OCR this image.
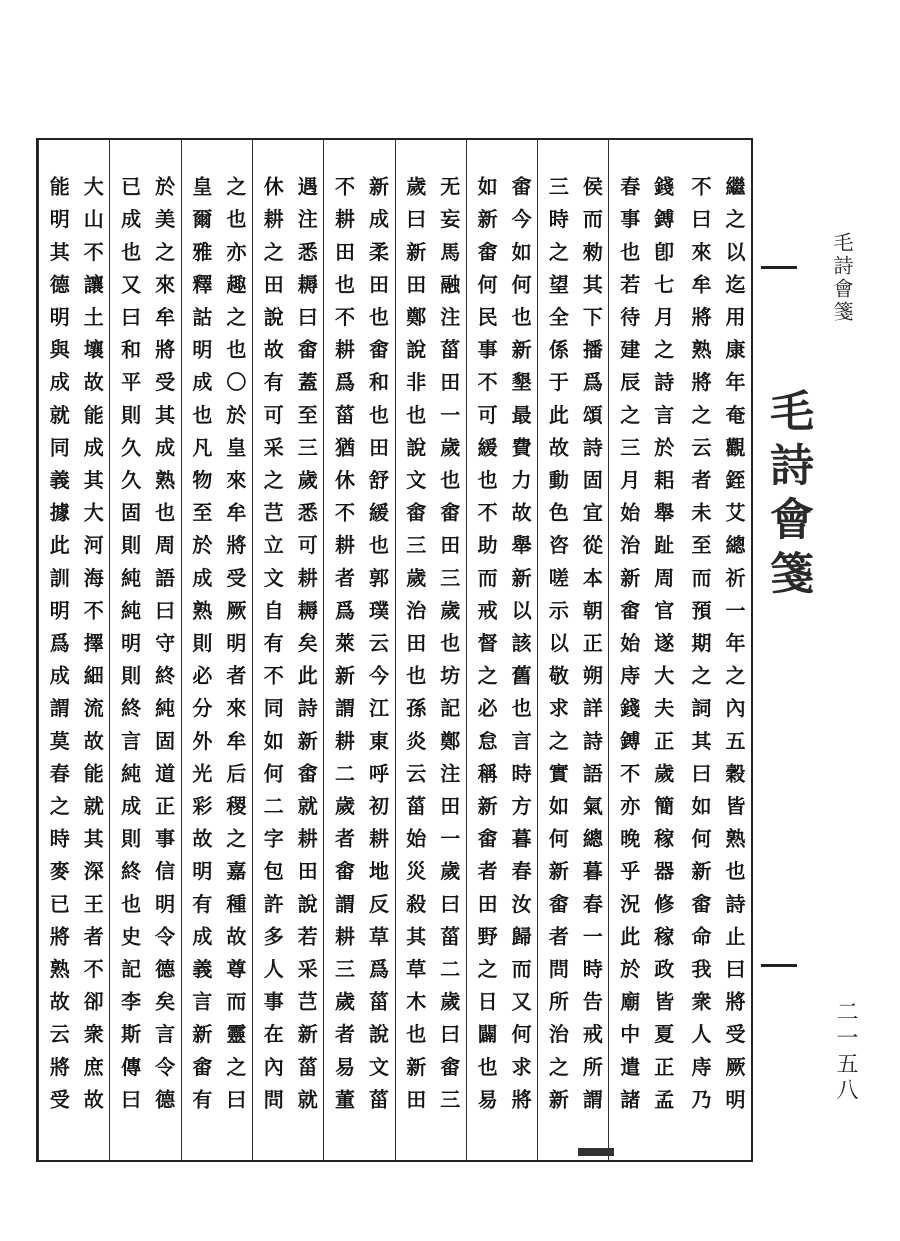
繼之以迄用康年奄觀銍艾總祈一年之內五穀皆熟也詩止曰將受厥明
不曰來牟將熟將之云者未至而預期之詞其曰如何新畬命我衆人庤乃
錢鎛卽七月之詩言於耜舉趾周官遂大夫正歲簡稼器修稼政皆夏正孟
春事也若待建辰之三月始治新畬始庤錢鎛不亦晚乎況此於廟中遣諸
侯而勑其下播爲頌詩固宜從本朝正朔詳詩語氣總暮春一時告戒所謂
三時之望全係于此故動色咨嗟示以敬求之實如何新畬者問所治之新
畬今如何也新墾最費力故舉新以該舊也言時方暮春汝歸而又何求將
如新畬何民事不可緩也不助而戒督之必怠稱新畬者田野之日闢也易
无妄馬融注菑田一歲也畬田三歲也坊記鄭注田一歲曰菑二歲曰畬三
歲曰新田鄭說非也說文畬三歲治田也孫炎云菑始災殺其草木也新田
新成柔田也畬和也田舒緩也郭璞云今江東呼初耕地反草爲菑說文菑
不耕田也不耕爲菑猶休不耕者爲萊新謂耕二歲者畬謂耕三歲者易董
遇注悉耨曰畬蓋至三歲悉可耕耨矣此詩新畬就耕田說若采芑新菑就
休耕之田說故有可采之芑立文自有不同如何二字包許多人事在內問
之也亦趣之也〇於皇來牟將受厥明者來牟后稷之嘉種故尊而靈之曰
皇爾雅釋詁明成也凡物至於成熟則必分外光彩故明有成義言新畬有
於美之來牟將受其成熟也周語曰守終純固道正事信明令德矣言令德
已成也又曰和平則久久固則純純明則終言純成則終也史記李斯傳曰
大山不讓土壤故能成其大河海不擇細流故能就其深王者不卻衆庶故
能明其德明與成就同義據此訓明爲成謂莫春之時麥已將熟故云將受	毛詩會箋
毛詩會箋
二一五八
